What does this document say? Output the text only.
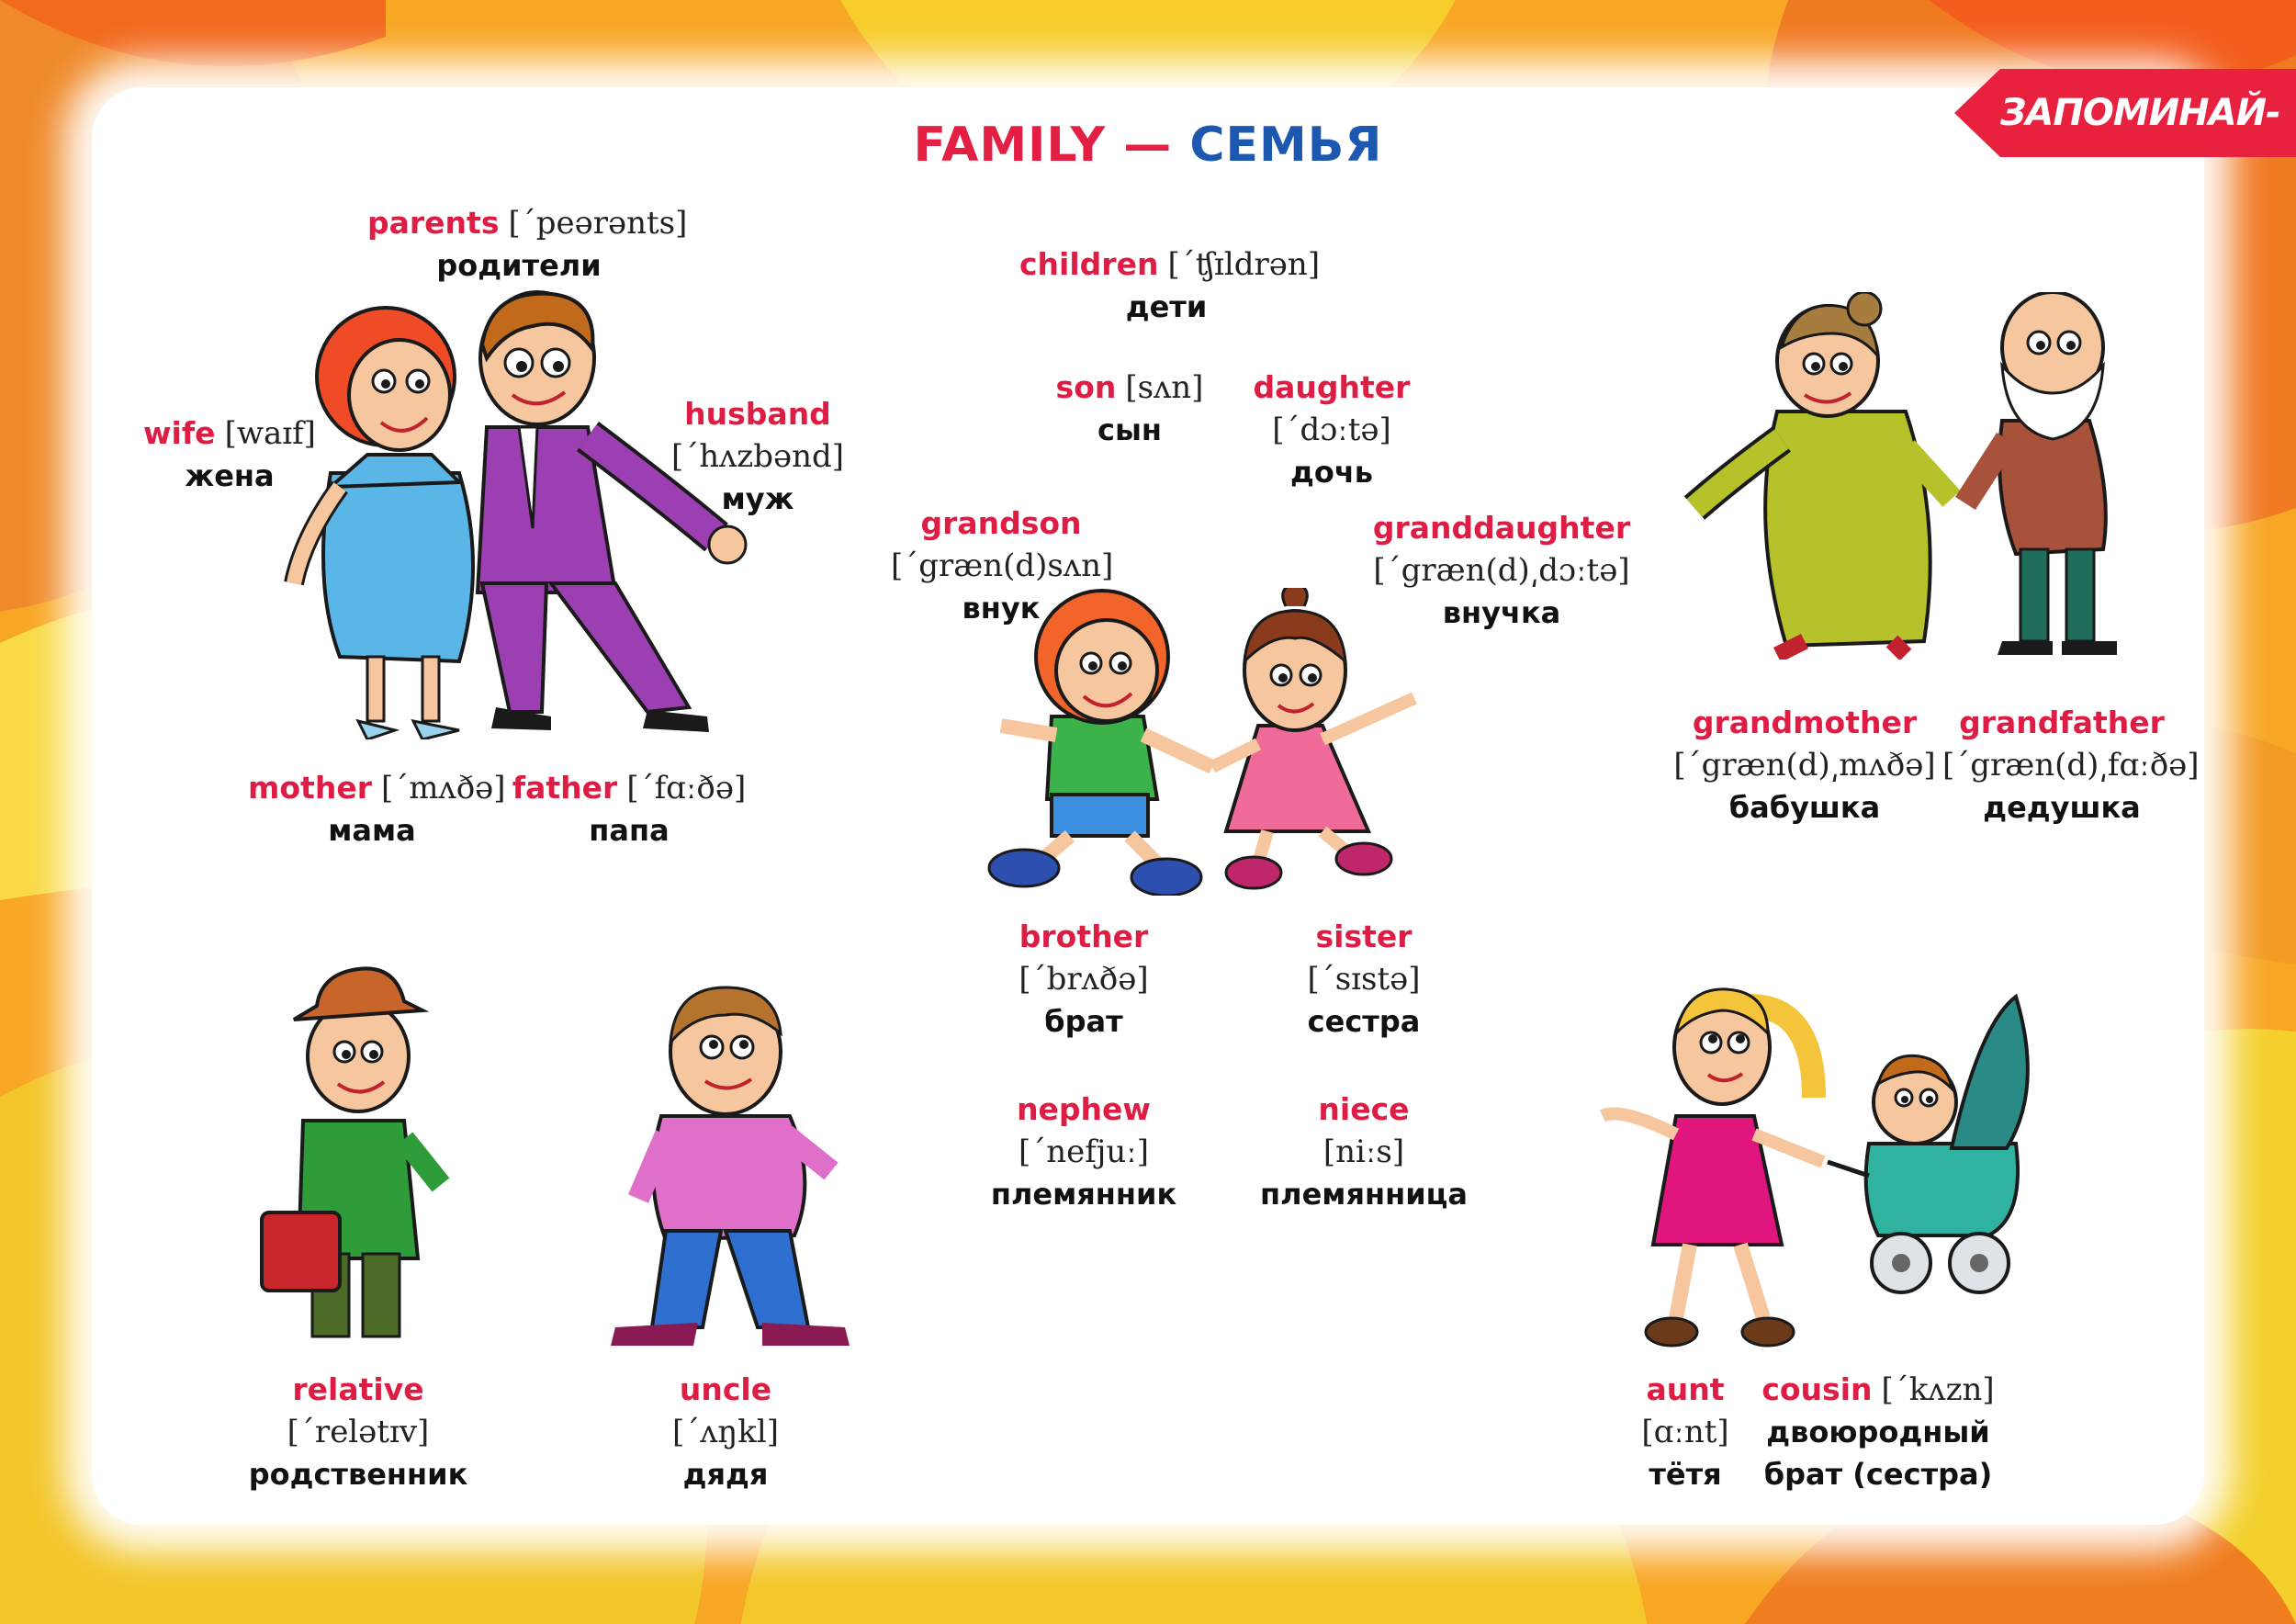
ЗАПОМИНАЙ-КА!
FAMILY — СЕМЬЯ
parents [΄peərənts]
родители
wife [waɪf]
жена
husband
[΄hʌzbənd]
муж
mother [΄mʌðə]
мама
father [΄fɑːðə]
папа
children [΄ʧɪldrən]
дети
son [sʌn]
сын
daughter
[΄dɔːtə]
дочь
grandson
[΄græn(d)sʌn]
внук
granddaughter
[΄græn(d)͵dɔːtə]
внучка
brother
[΄brʌðə]
брат
sister
[΄sɪstə]
сестра
nephew
[΄nefjuː]
племянник
niece
[niːs]
племянница
grandmother
[΄græn(d)͵mʌðə]
бабушка
grandfather
[΄græn(d)͵fɑːðə]
дедушка
relative
[΄relətɪv]
родственник
uncle
[΄ʌŋkl]
дядя
aunt
[ɑːnt]
тётя
cousin [΄kʌzn]
двоюродный
брат (сестра)
